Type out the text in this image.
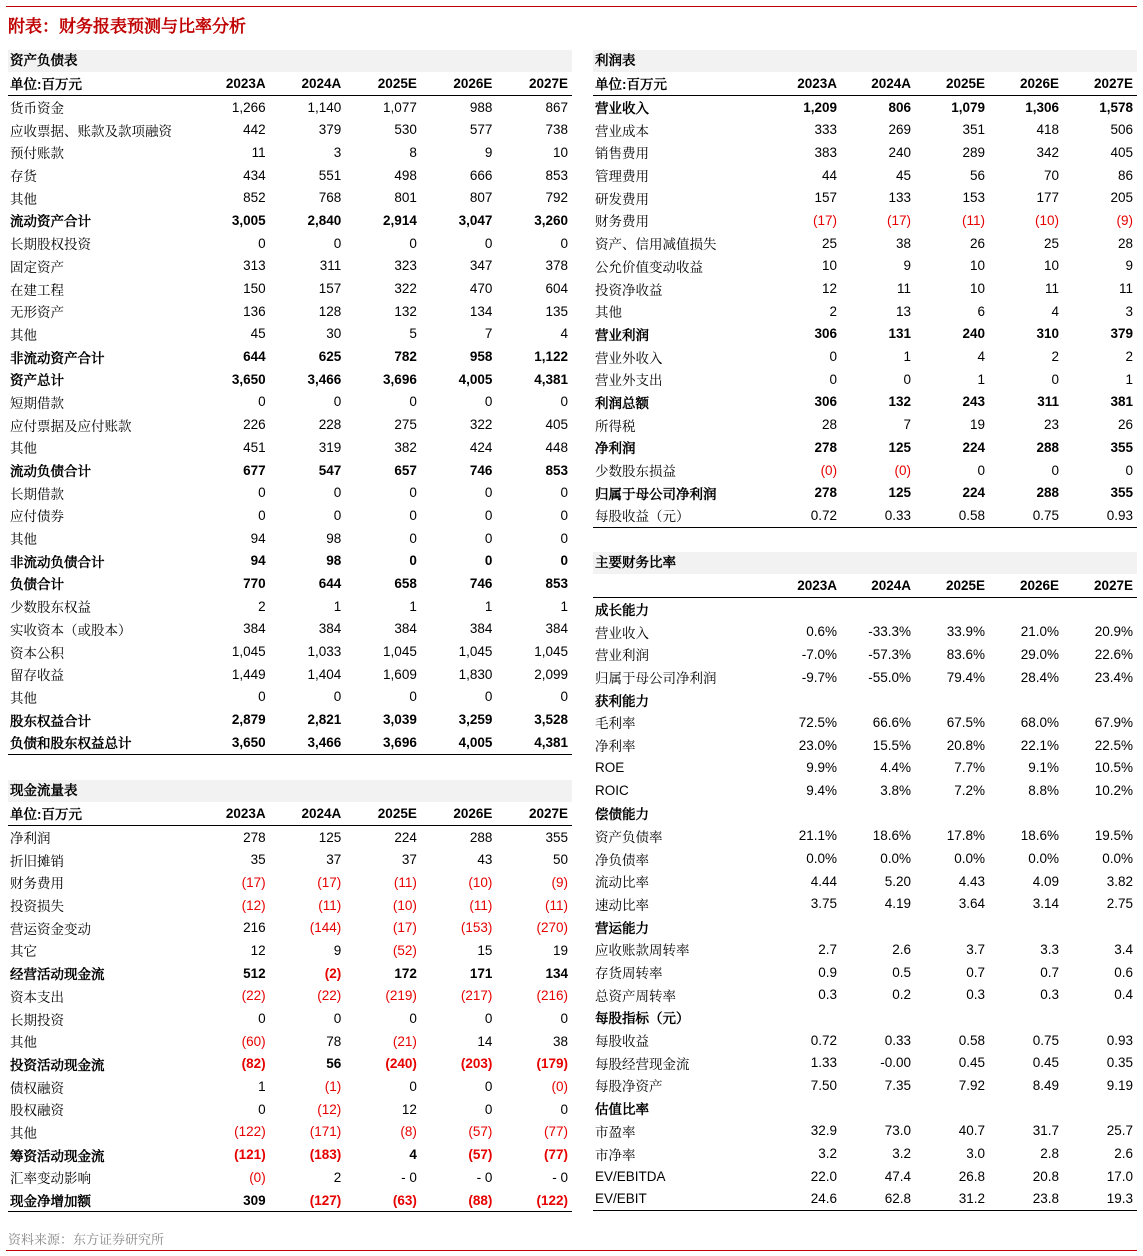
附表：财务报表预测与比率分析
资产负债表
单位:百万元	2023A	2024A	2025E	2026E	2027E
货币资金	1,266	1,140	1,077	988	867
应收票据、账款及款项融资	442	379	530	577	738
预付账款	11	3	8	9	10
存货	434	551	498	666	853
其他	852	768	801	807	792
流动资产合计	3,005	2,840	2,914	3,047	3,260
长期股权投资	0	0	0	0	0
固定资产	313	311	323	347	378
在建工程	150	157	322	470	604
无形资产	136	128	132	134	135
其他	45	30	5	7	4
非流动资产合计	644	625	782	958	1,122
资产总计	3,650	3,466	3,696	4,005	4,381
短期借款	0	0	0	0	0
应付票据及应付账款	226	228	275	322	405
其他	451	319	382	424	448
流动负债合计	677	547	657	746	853
长期借款	0	0	0	0	0
应付债券	0	0	0	0	0
其他	94	98	0	0	0
非流动负债合计	94	98	0	0	0
负债合计	770	644	658	746	853
少数股东权益	2	1	1	1	1
实收资本（或股本）	384	384	384	384	384
资本公积	1,045	1,033	1,045	1,045	1,045
留存收益	1,449	1,404	1,609	1,830	2,099
其他	0	0	0	0	0
股东权益合计	2,879	2,821	3,039	3,259	3,528
负债和股东权益总计	3,650	3,466	3,696	4,005	4,381
现金流量表
单位:百万元	2023A	2024A	2025E	2026E	2027E
净利润	278	125	224	288	355
折旧摊销	35	37	37	43	50
财务费用	(17)	(17)	(11)	(10)	(9)
投资损失	(12)	(11)	(10)	(11)	(11)
营运资金变动	216	(144)	(17)	(153)	(270)
其它	12	9	(52)	15	19
经营活动现金流	512	(2)	172	171	134
资本支出	(22)	(22)	(219)	(217)	(216)
长期投资	0	0	0	0	0
其他	(60)	78	(21)	14	38
投资活动现金流	(82)	56	(240)	(203)	(179)
债权融资	1	(1)	0	0	(0)
股权融资	0	(12)	12	0	0
其他	(122)	(171)	(8)	(57)	(77)
筹资活动现金流	(121)	(183)	4	(57)	(77)
汇率变动影响	(0)	2	- 0	- 0	- 0
现金净增加额	309	(127)	(63)	(88)	(122)
利润表
单位:百万元	2023A	2024A	2025E	2026E	2027E
营业收入	1,209	806	1,079	1,306	1,578
营业成本	333	269	351	418	506
销售费用	383	240	289	342	405
管理费用	44	45	56	70	86
研发费用	157	133	153	177	205
财务费用	(17)	(17)	(11)	(10)	(9)
资产、信用减值损失	25	38	26	25	28
公允价值变动收益	10	9	10	10	9
投资净收益	12	11	10	11	11
其他	2	13	6	4	3
营业利润	306	131	240	310	379
营业外收入	0	1	4	2	2
营业外支出	0	0	1	0	1
利润总额	306	132	243	311	381
所得税	28	7	19	23	26
净利润	278	125	224	288	355
少数股东损益	(0)	(0)	0	0	0
归属于母公司净利润	278	125	224	288	355
每股收益（元）	0.72	0.33	0.58	0.75	0.93
主要财务比率
	2023A	2024A	2025E	2026E	2027E
成长能力					
营业收入	0.6%	-33.3%	33.9%	21.0%	20.9%
营业利润	-7.0%	-57.3%	83.6%	29.0%	22.6%
归属于母公司净利润	-9.7%	-55.0%	79.4%	28.4%	23.4%
获利能力					
毛利率	72.5%	66.6%	67.5%	68.0%	67.9%
净利率	23.0%	15.5%	20.8%	22.1%	22.5%
ROE	9.9%	4.4%	7.7%	9.1%	10.5%
ROIC	9.4%	3.8%	7.2%	8.8%	10.2%
偿债能力					
资产负债率	21.1%	18.6%	17.8%	18.6%	19.5%
净负债率	0.0%	0.0%	0.0%	0.0%	0.0%
流动比率	4.44	5.20	4.43	4.09	3.82
速动比率	3.75	4.19	3.64	3.14	2.75
营运能力					
应收账款周转率	2.7	2.6	3.7	3.3	3.4
存货周转率	0.9	0.5	0.7	0.7	0.6
总资产周转率	0.3	0.2	0.3	0.3	0.4
每股指标（元）					
每股收益	0.72	0.33	0.58	0.75	0.93
每股经营现金流	1.33	-0.00	0.45	0.45	0.35
每股净资产	7.50	7.35	7.92	8.49	9.19
估值比率					
市盈率	32.9	73.0	40.7	31.7	25.7
市净率	3.2	3.2	3.0	2.8	2.6
EV/EBITDA	22.0	47.4	26.8	20.8	17.0
EV/EBIT	24.6	62.8	31.2	23.8	19.3
资料来源：东方证券研究所
